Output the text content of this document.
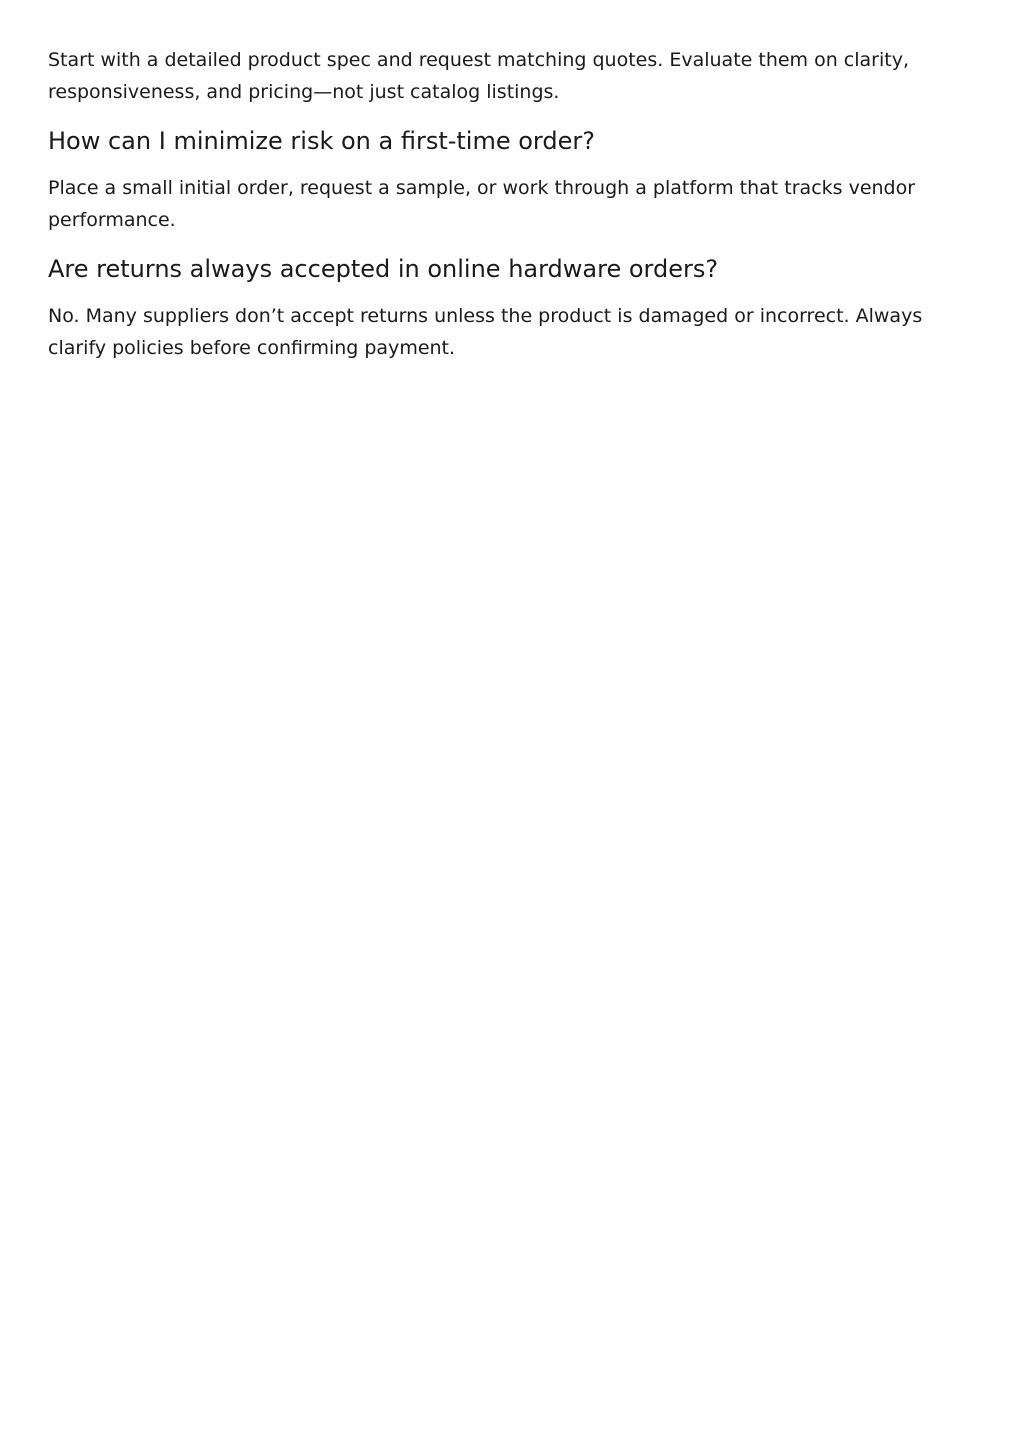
Start with a detailed product spec and request matching quotes. Evaluate them on clarity, responsiveness, and pricing—not just catalog listings.

How can I minimize risk on a first-time order?

Place a small initial order, request a sample, or work through a platform that tracks vendor performance.

Are returns always accepted in online hardware orders?

No. Many suppliers don’t accept returns unless the product is damaged or incorrect. Always clarify policies before confirming payment.
